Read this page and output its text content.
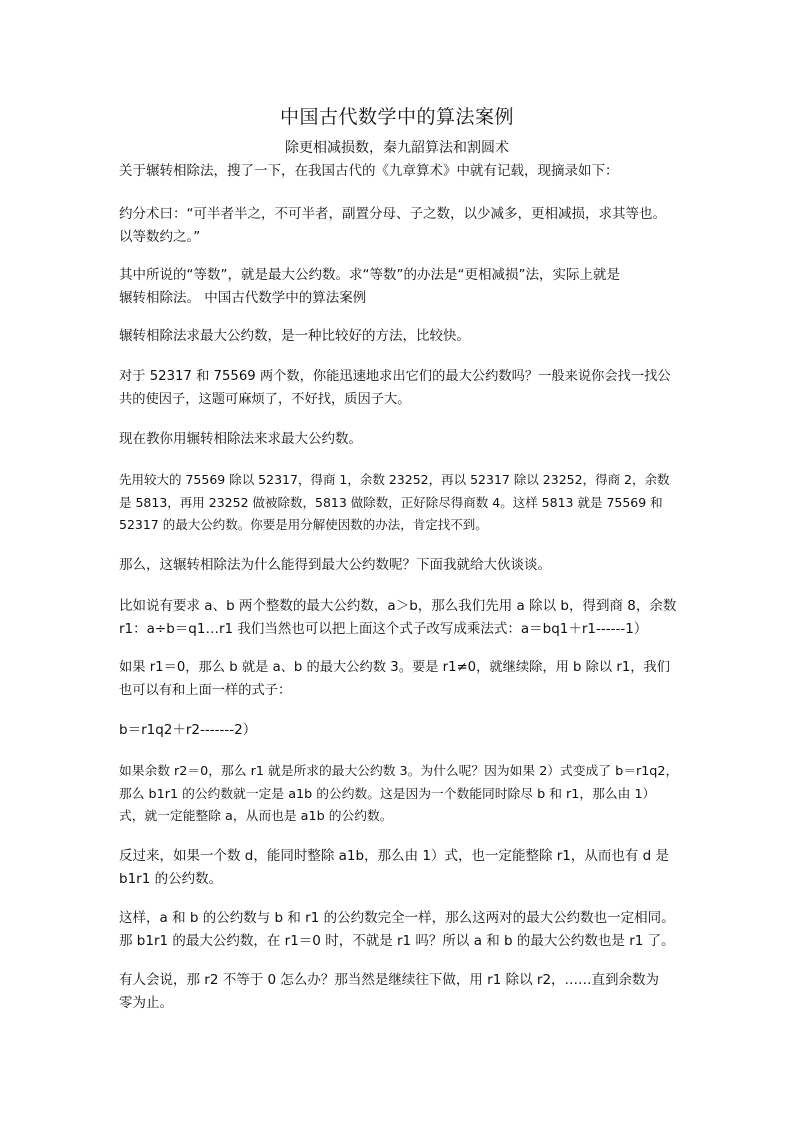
中国古代数学中的算法案例
除更相减损数，秦九韶算法和割圆术
关于辗转相除法，搜了一下，在我国古代的《九章算术》中就有记载，现摘录如下：
约分术曰：“可半者半之，不可半者，副置分母、子之数，以少减多，更相减损，求其等也。
以等数约之。”
其中所说的“等数”，就是最大公约数。求“等数”的办法是“更相减损”法，实际上就是
辗转相除法。 中国古代数学中的算法案例
辗转相除法求最大公约数，是一种比较好的方法，比较快。
对于 52317 和 75569 两个数，你能迅速地求出它们的最大公约数吗？一般来说你会找一找公
共的使因子，这题可麻烦了，不好找，质因子大。
现在教你用辗转相除法来求最大公约数。
先用较大的 75569 除以 52317，得商 1，余数 23252，再以 52317 除以 23252，得商 2，余数
是 5813，再用 23252 做被除数，5813 做除数，正好除尽得商数 4。这样 5813 就是 75569 和
52317 的最大公约数。你要是用分解使因数的办法，肯定找不到。
那么，这辗转相除法为什么能得到最大公约数呢？下面我就给大伙谈谈。
比如说有要求 a、b 两个整数的最大公约数，a＞b，那么我们先用 a 除以 b，得到商 8，余数
r1：a÷b＝q1…r1 我们当然也可以把上面这个式子改写成乘法式：a＝bq1＋r1------1）
如果 r1＝0，那么 b 就是 a、b 的最大公约数 3。要是 r1≠0，就继续除，用 b 除以 r1，我们
也可以有和上面一样的式子：
b＝r1q2＋r2-------2）
如果余数 r2＝0，那么 r1 就是所求的最大公约数 3。为什么呢？因为如果 2）式变成了 b＝r1q2，
那么 b1r1 的公约数就一定是 a1b 的公约数。这是因为一个数能同时除尽 b 和 r1，那么由 1）
式，就一定能整除 a，从而也是 a1b 的公约数。
反过来，如果一个数 d，能同时整除 a1b，那么由 1）式，也一定能整除 r1，从而也有 d 是
b1r1 的公约数。
这样，a 和 b 的公约数与 b 和 r1 的公约数完全一样，那么这两对的最大公约数也一定相同。
那 b1r1 的最大公约数，在 r1＝0 时，不就是 r1 吗？所以 a 和 b 的最大公约数也是 r1 了。
有人会说，那 r2 不等于 0 怎么办？那当然是继续往下做，用 r1 除以 r2，……直到余数为
零为止。
